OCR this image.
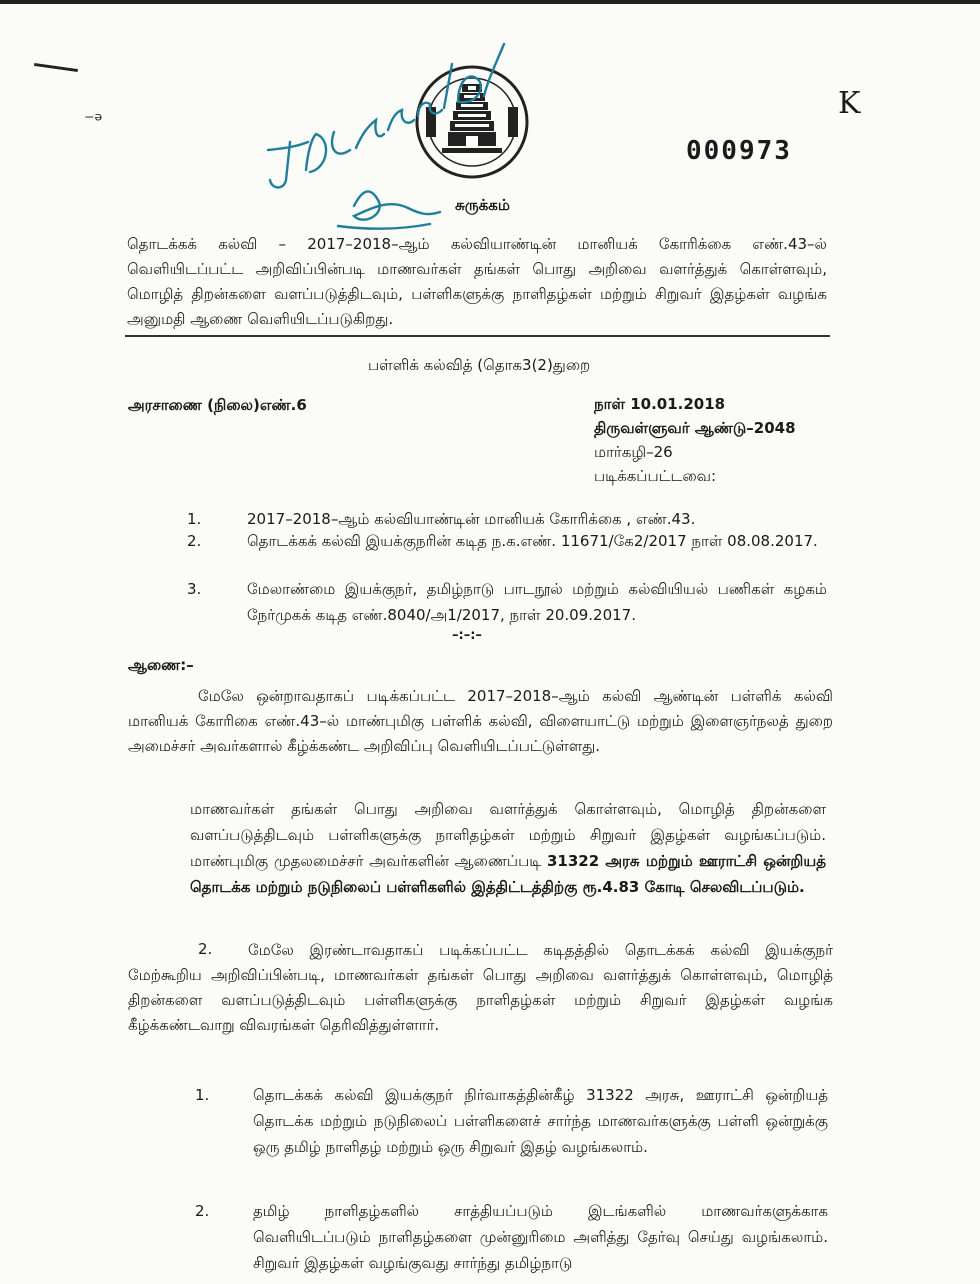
⁻ᵊ
000973
K
சுருக்கம்
தொடக்கக் கல்வி – 2017–2018–ஆம் கல்வியாண்டின் மானியக் கோரிக்கை எண்.43–ல் வெளியிடப்பட்ட அறிவிப்பின்படி மாணவர்கள் தங்கள் பொது அறிவை வளர்த்துக் கொள்ளவும், மொழித் திறன்களை வளப்படுத்திடவும், பள்ளிகளுக்கு நாளிதழ்கள் மற்றும் சிறுவர் இதழ்கள் வழங்க அனுமதி ஆணை வெளியிடப்படுகிறது.
பள்ளிக் கல்வித் (தொக3(2)துறை
அரசாணை (நிலை)எண்.6	நாள் 10.01.2018
திருவள்ளுவர் ஆண்டு–2048
மார்கழி–26
படிக்கப்பட்டவை:
1.	2017–2018–ஆம் கல்வியாண்டின் மானியக் கோரிக்கை , எண்.43.
2.	தொடக்கக் கல்வி இயக்குநரின் கடித ந.க.எண். 11671/கே2/2017 நாள் 08.08.2017.
3.	மேலாண்மை இயக்குநர், தமிழ்நாடு பாடநூல் மற்றும் கல்வியியல் பணிகள் கழகம் நேர்முகக் கடித எண்.8040/அ1/2017, நாள் 20.09.2017.
–:–:–
ஆணை:–
மேலே ஒன்றாவதாகப் படிக்கப்பட்ட 2017–2018–ஆம் கல்வி ஆண்டின் பள்ளிக் கல்வி மானியக் கோரிகை எண்.43–ல் மாண்புமிகு பள்ளிக் கல்வி, விளையாட்டு மற்றும் இளைஞர்நலத் துறை அமைச்சர் அவர்களால் கீழ்க்கண்ட அறிவிப்பு வெளியிடப்பட்டுள்ளது.
மாணவர்கள் தங்கள் பொது அறிவை வளர்த்துக் கொள்ளவும், மொழித் திறன்களை வளப்படுத்திடவும் பள்ளிகளுக்கு நாளிதழ்கள் மற்றும் சிறுவர் இதழ்கள் வழங்கப்படும். மாண்புமிகு முதலமைச்சர் அவர்களின் ஆணைப்படி 31322 அரசு மற்றும் ஊராட்சி ஒன்றியத் தொடக்க மற்றும் நடுநிலைப் பள்ளிகளில் இத்திட்டத்திற்கு ரூ.4.83 கோடி செலவிடப்படும்.
2.	மேலே இரண்டாவதாகப் படிக்கப்பட்ட கடிதத்தில் தொடக்கக் கல்வி இயக்குநர் மேற்கூறிய அறிவிப்பின்படி, மாணவர்கள் தங்கள் பொது அறிவை வளர்த்துக் கொள்ளவும், மொழித் திறன்களை வளப்படுத்திடவும் பள்ளிகளுக்கு நாளிதழ்கள் மற்றும் சிறுவர் இதழ்கள் வழங்க கீழ்க்கண்டவாறு விவரங்கள் தெரிவித்துள்ளார்.
1.	தொடக்கக் கல்வி இயக்குநர் நிர்வாகத்தின்கீழ் 31322 அரசு, ஊராட்சி ஒன்றியத் தொடக்க மற்றும் நடுநிலைப் பள்ளிகளைச் சார்ந்த மாணவர்களுக்கு பள்ளி ஒன்றுக்கு ஒரு தமிழ் நாளிதழ் மற்றும் ஒரு சிறுவர் இதழ் வழங்கலாம்.
2.	தமிழ் நாளிதழ்களில் சாத்தியப்படும் இடங்களில் மாணவர்களுக்காக வெளியிடப்படும் நாளிதழ்களை முன்னுரிமை அளித்து தேர்வு செய்து வழங்கலாம். சிறுவர் இதழ்கள் வழங்குவது சார்ந்து தமிழ்நாடு
